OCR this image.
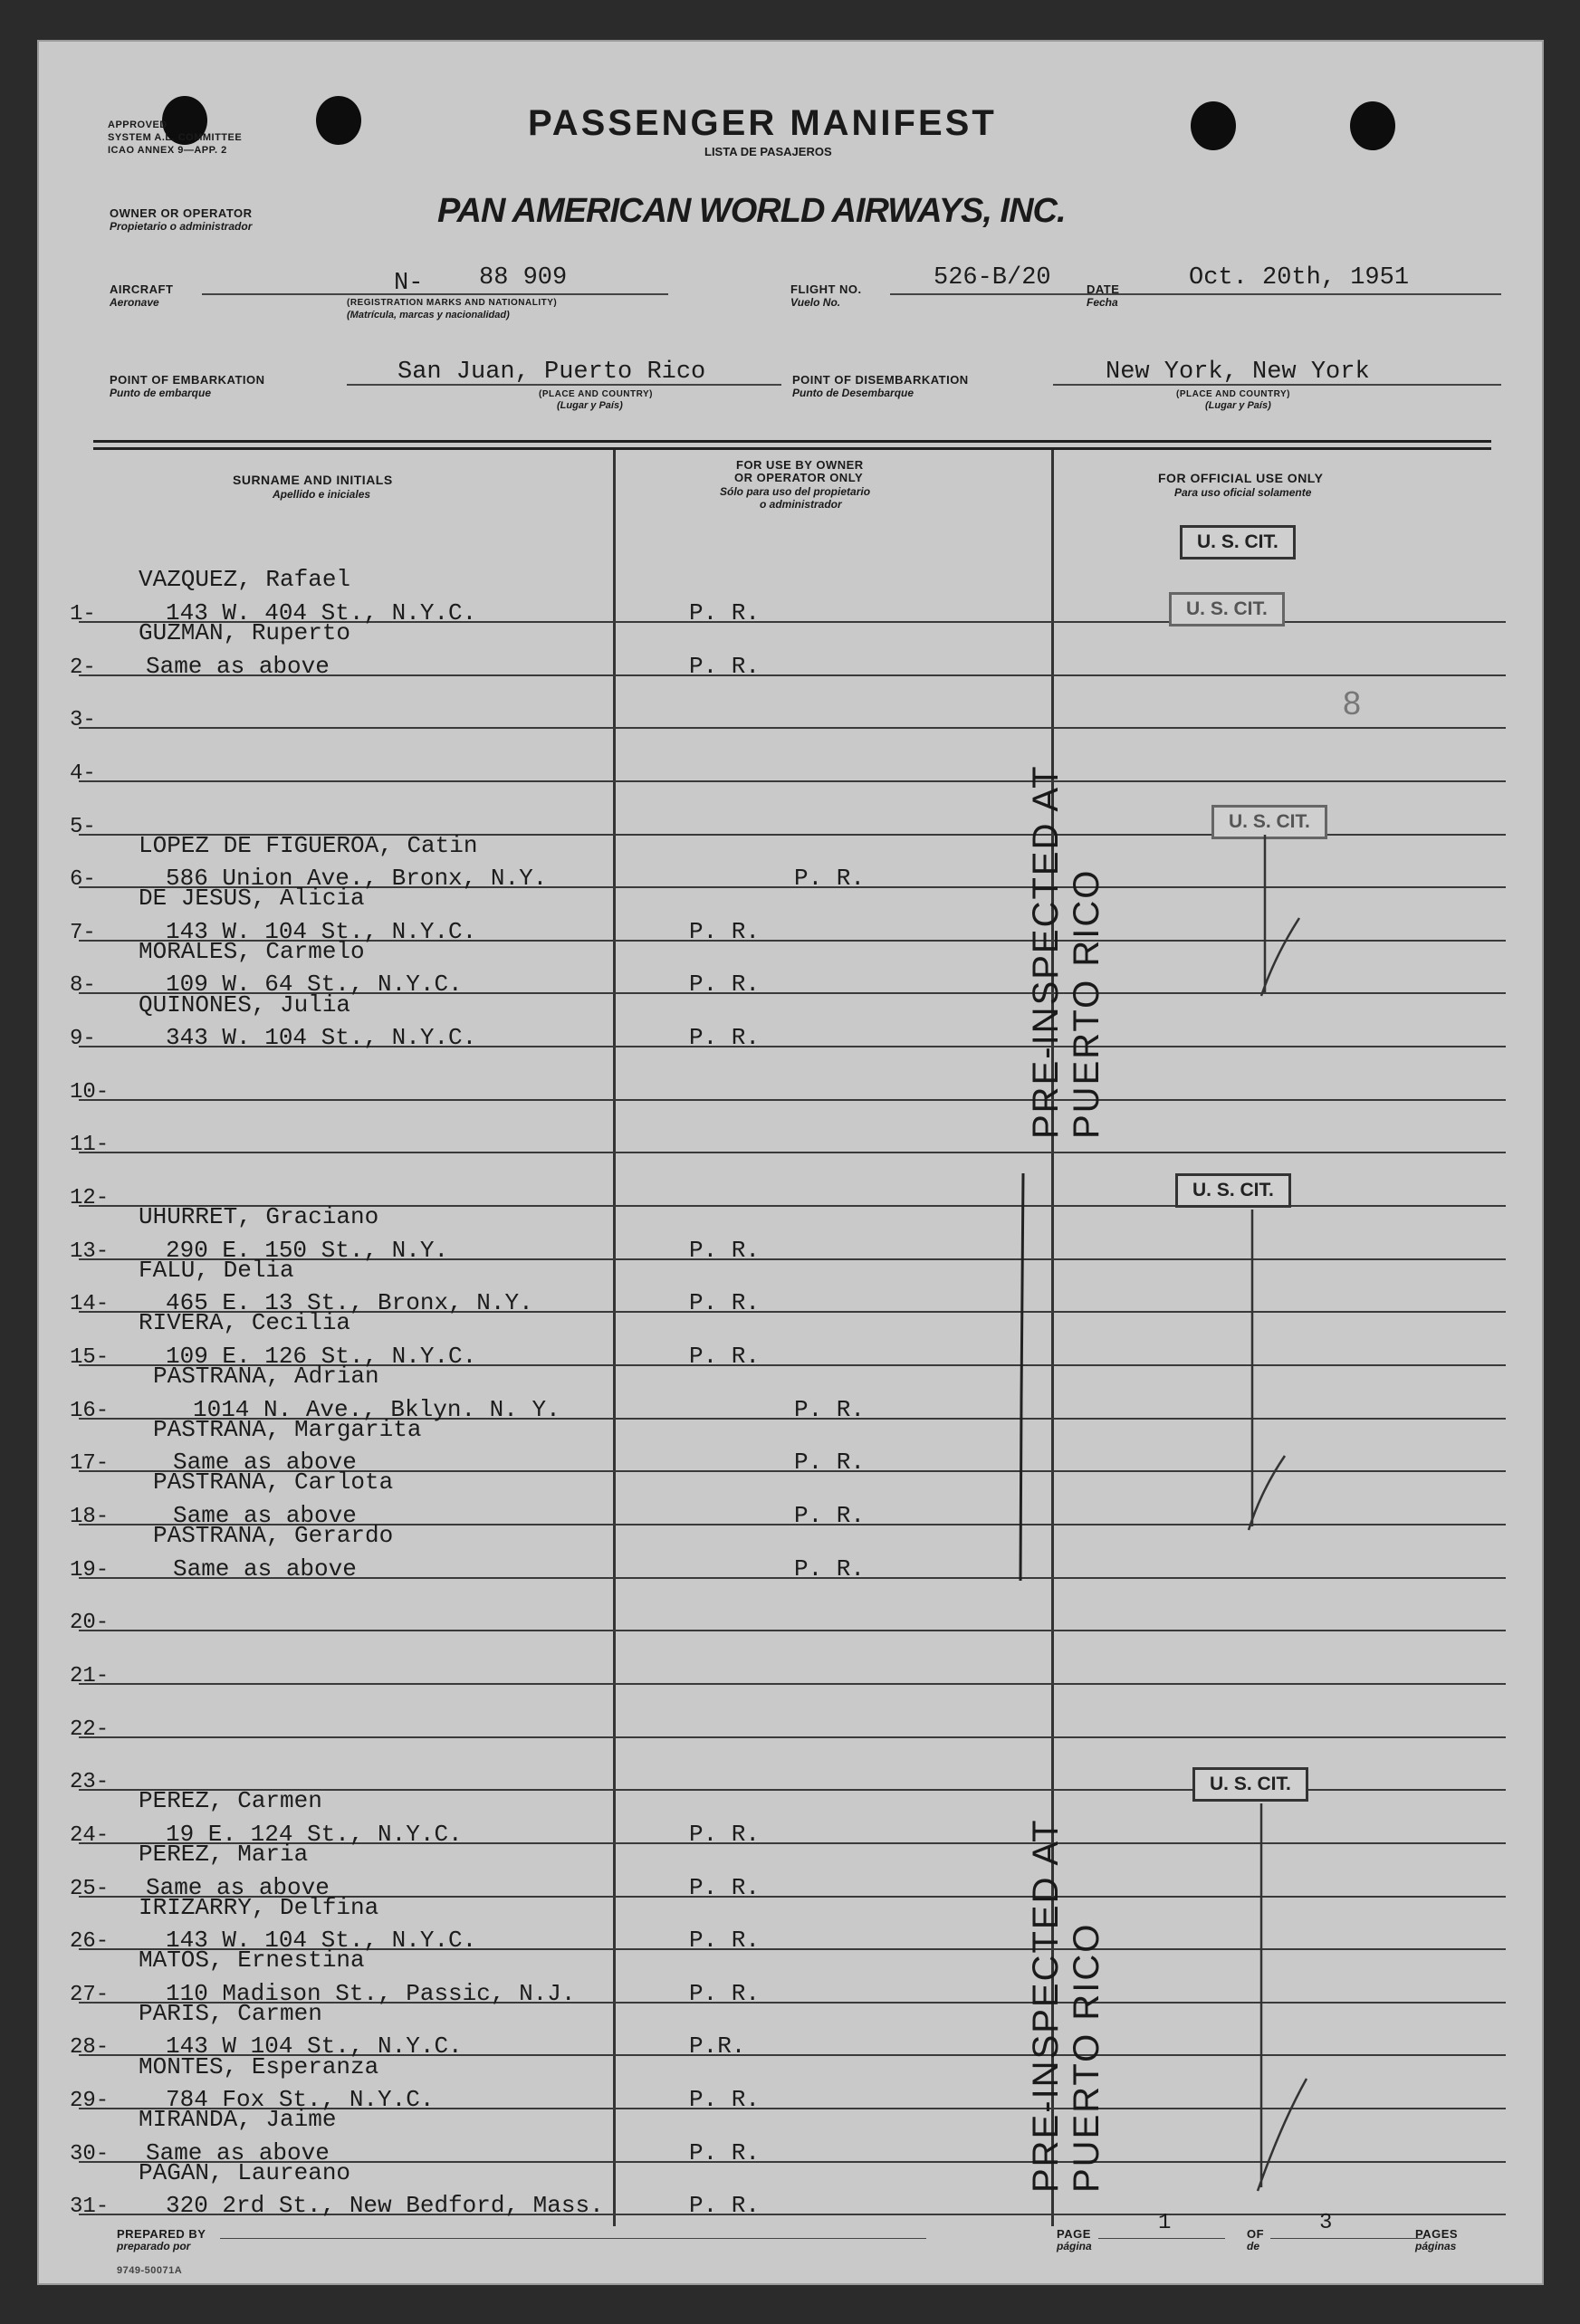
APPROVED
SYSTEM A.L. COMMITTEE
ICAO ANNEX 9—APP. 2
PASSENGER MANIFEST
LISTA DE PASAJEROS
OWNER OR OPERATOR
Propietario o administrador	PAN AMERICAN WORLD AIRWAYS, INC.
AIRCRAFT
Aeronave
N- 88 909
(REGISTRATION MARKS AND NATIONALITY)
(Matrícula, marcas y nacionalidad)
FLIGHT NO.
Vuelo No.
526-B/20	DATE
Fecha
Oct. 20th, 1951
POINT OF EMBARKATION
Punto de embarque
San Juan, Puerto Rico
(PLACE AND COUNTRY)
(Lugar y País)
POINT OF DISEMBARKATION
Punto de Desembarque
New York, New York
(PLACE AND COUNTRY)
(Lugar y País)
SURNAME AND INITIALS
Apellido e iniciales
FOR USE BY OWNER
OR OPERATOR ONLY
Sólo para uso del propietario
o administrador
FOR OFFICIAL USE ONLY
Para uso oficial solamente
1-
VAZQUEZ, Rafael
143 W. 404 St., N.Y.C.	P. R.
2-
GUZMAN, Ruperto
Same as above	P. R.
3-
4-
5-
6-
LOPEZ DE FIGUEROA, Catin
586 Union Ave., Bronx, N.Y.	P. R.
7-
DE JESUS, Alicia
143 W. 104 St., N.Y.C.	P. R.
8-
MORALES, Carmelo
109 W. 64 St., N.Y.C.	P. R.
9-
QUINONES, Julia
343 W. 104 St., N.Y.C.	P. R.
10-
11-
12-
13-
UHURRET, Graciano
290 E. 150 St., N.Y.	P. R.
14-
FALU, Delia
465 E. 13 St., Bronx, N.Y.	P. R.
15-
RIVERA, Cecilia
109 E. 126 St., N.Y.C.	P. R.
16-
PASTRANA, Adrian
1014 N. Ave., Bklyn. N. Y.	P. R.
17-
PASTRANA, Margarita
Same as above	P. R.
18-
PASTRANA, Carlota
Same as above	P. R.
19-
PASTRANA, Gerardo
Same as above	P. R.
20-
21-
22-
23-
24-
PEREZ, Carmen
19 E. 124 St., N.Y.C.	P. R.
25-
PEREZ, Maria
Same as above	P. R.
26-
IRIZARRY, Delfina
143 W. 104 St., N.Y.C.	P. R.
27-
MATOS, Ernestina
110 Madison St., Passic, N.J.	P. R.
28-
PARIS, Carmen
143 W 104 St., N.Y.C.	P.R.
29-
MONTES, Esperanza
784 Fox St., N.Y.C.	P. R.
30-
MIRANDA, Jaime
Same as above	P. R.
31-
PAGAN, Laureano
320 2rd St., New Bedford, Mass.	P. R.
U. S. CIT.
U. S. CIT.
U. S. CIT.
U. S. CIT.
U. S. CIT.
8
PRE-INSPECTED AT PUERTO RICO
PRE-INSPECTED AT PUERTO RICO
PREPARED BY
preparado por
9749-50071A
PAGE
página
1	OF
de
3	PAGES
páginas
